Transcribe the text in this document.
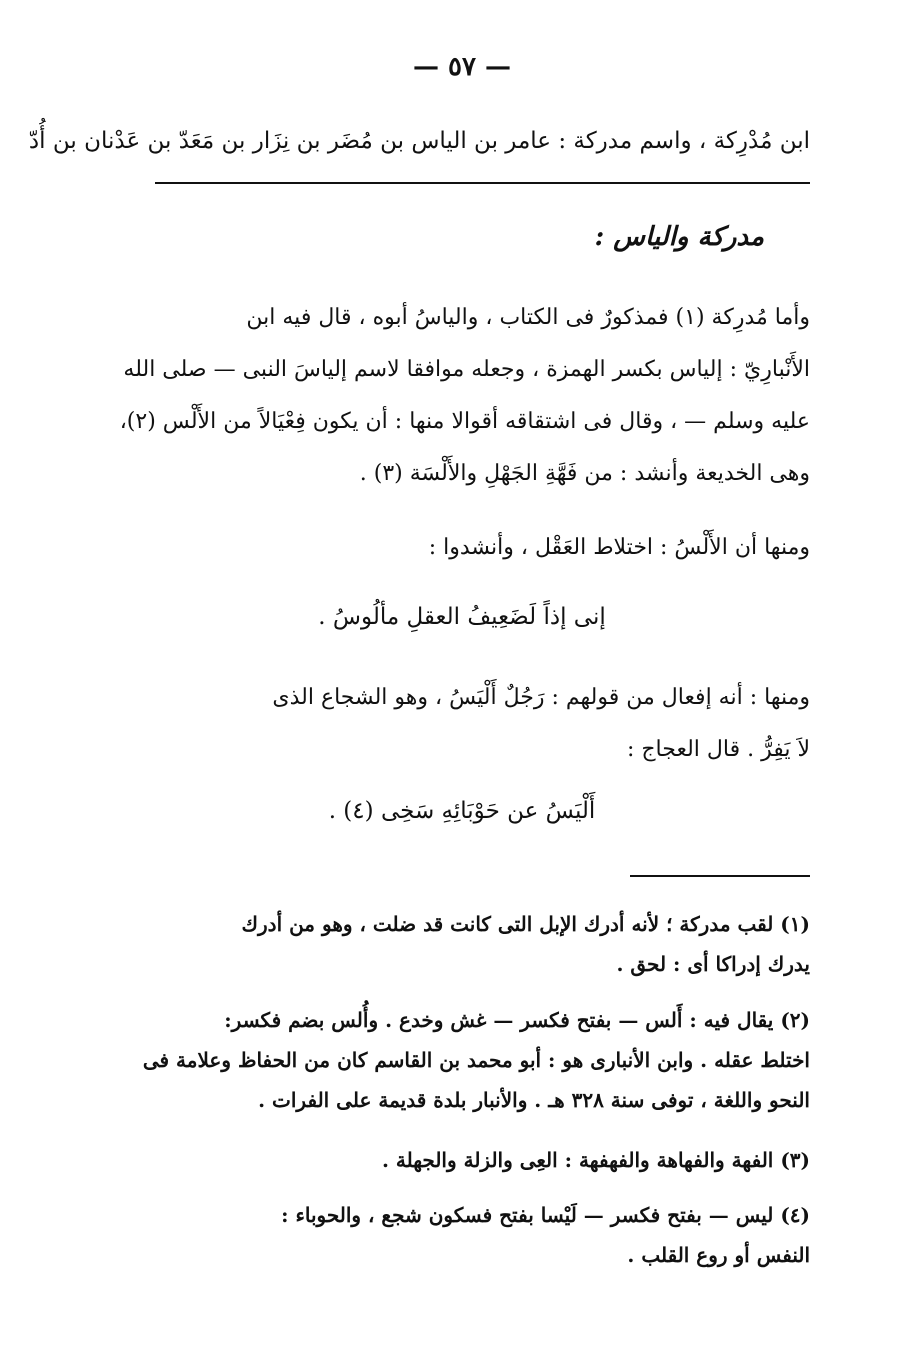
— ٥٧ —
ابن مُدْرِكة ، واسم مدركة : عامر بن الياس بن مُضَر بن نِزَار بن مَعَدّ بن عَدْنان بن أُدّ
مدركة والياس :
وأما مُدرِكة (١) فمذكورٌ فى الكتاب ، والياسُ أبوه ، قال فيه ابن
الأَنْبارِيّ : إلياس بكسر الهمزة ، وجعله موافقا لاسم إلياسَ النبى — صلى الله
عليه وسلم — ، وقال فى اشتقاقه أقوالا منها : أن يكون فِعْيَالاً من الأَلْس (٢)،
وهى الخديعة وأنشد : من فَهَّةِ الجَهْلِ والأَلْسَة (٣) .
ومنها أن الأَلْسُ : اختلاط العَقْل ، وأنشدوا :
إنى إذاً لَضَعِيفُ العقلِ مألُوسُ .
ومنها : أنه إفعال من قولهم : رَجُلٌ أَلْيَسُ ، وهو الشجاع الذى
لاَ يَفِرُّ . قال العجاج :
أَلْيَسُ عن حَوْبَائِهِ سَخِى (٤) .
(١) لقب مدركة ؛ لأنه أدرك الإبل التى كانت قد ضلت ، وهو من أدرك
يدرك إدراكا أى : لحق .
(٢) يقال فيه : أَلس — بفتح فكسر — غش وخدع . وأُلس بضم فكسر:
اختلط عقله . وابن الأنبارى هو : أبو محمد بن القاسم كان من الحفاظ وعلامة فى
النحو واللغة ، توفى سنة ٣٢٨ هـ . والأنبار بلدة قديمة على الفرات .
(٣) الفهة والفهاهة والفهفهة : العِى والزلة والجهلة .
(٤) ليس — بفتح فكسر — لَيْسا بفتح فسكون شجع ، والحوباء :
النفس أو روع القلب .
